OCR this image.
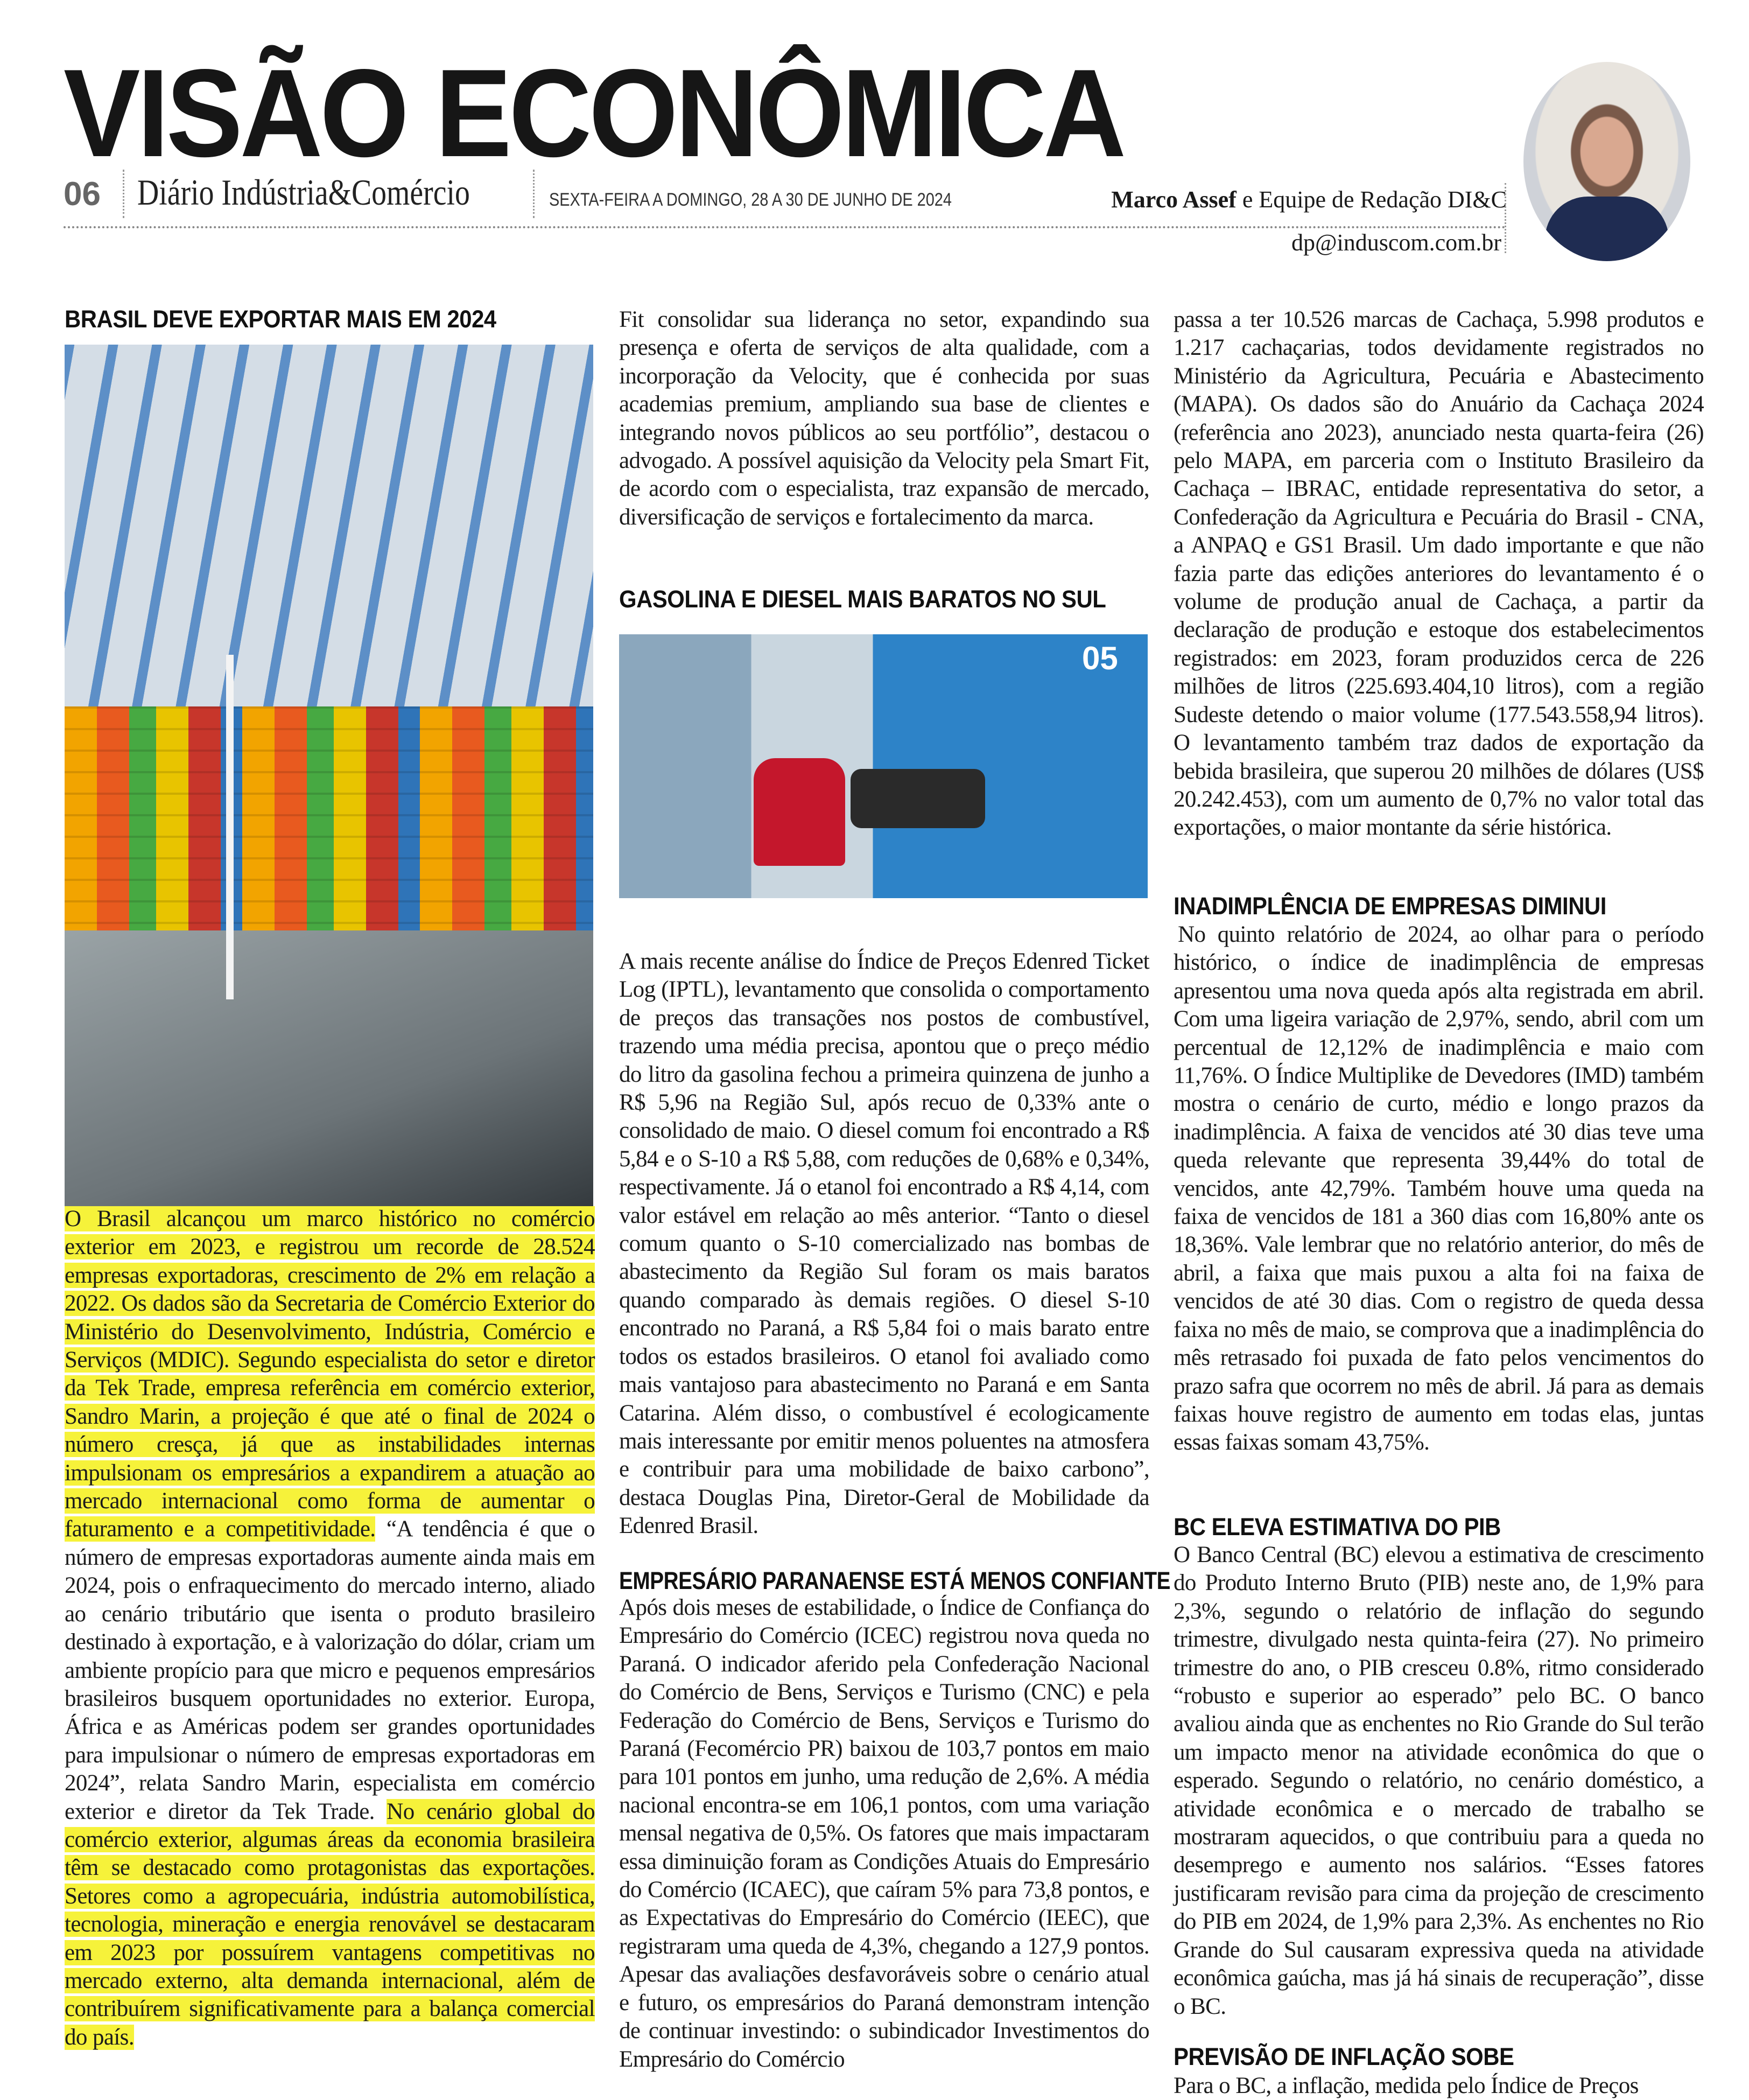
VISÃO ECONÔMICA
06 Diário Indústria&Comércio	SEXTA-FEIRA A DOMINGO, 28 A 30 DE JUNHO DE 2024	Marco Assef e Equipe de Redação DI&C
dp@induscom.com.br
BRASIL DEVE EXPORTAR MAIS EM 2024
O Brasil alcançou um marco histórico no comércio exterior em 2023, e registrou um recorde de 28.524 empresas exportadoras, crescimento de 2% em relação a 2022. Os dados são da Secretaria de Comércio Exterior do Ministério do Desenvolvimento, Indústria, Comércio e Serviços (MDIC). Segundo especialista do setor e diretor da Tek Trade, empresa referência em comércio exterior, Sandro Marin, a projeção é que até o final de 2024 o número cresça, já que as instabilidades internas impulsionam os empresários a expandirem a atuação ao mercado internacional como forma de aumentar o faturamento e a competitividade. “A tendência é que o número de empresas exportadoras aumente ainda mais em 2024, pois o enfraquecimento do mercado interno, aliado ao cenário tributário que isenta o produto brasileiro destinado à exportação, e à valorização do dólar, criam um ambiente propício para que micro e pequenos empresários brasileiros busquem oportunidades no exterior. Europa, África e as Américas podem ser grandes oportunidades para impulsionar o número de empresas exportadoras em 2024”, relata Sandro Marin, especialista em comércio exterior e diretor da Tek Trade. No cenário global do comércio exterior, algumas áreas da economia brasileira têm se destacado como protagonistas das exportações. Setores como a agropecuária, indústria automobilística, tecnologia, mineração e energia renovável se destacaram em 2023 por possuírem vantagens competitivas no mercado externo, alta demanda internacional, além de contribuírem significativamente para a balança comercial do país.
Fit consolidar sua liderança no setor, expandindo sua presença e oferta de serviços de alta qualidade, com a incorporação da Velocity, que é conhecida por suas academias premium, ampliando sua base de clientes e integrando novos públicos ao seu portfólio”, destacou o advogado. A possível aquisição da Velocity pela Smart Fit, de acordo com o especialista, traz expansão de mercado, diversificação de serviços e fortalecimento da marca.
GASOLINA E DIESEL MAIS BARATOS NO SUL
05
A mais recente análise do Índice de Preços Edenred Ticket Log (IPTL), levantamento que consolida o comportamento de preços das transações nos postos de combustível, trazendo uma média precisa, apontou que o preço médio do litro da gasolina fechou a primeira quinzena de junho a R$ 5,96 na Região Sul, após recuo de 0,33% ante o consolidado de maio. O diesel comum foi encontrado a R$ 5,84 e o S-10 a R$ 5,88, com reduções de 0,68% e 0,34%, respectivamente. Já o etanol foi encontrado a R$ 4,14, com valor estável em relação ao mês anterior. “Tanto o diesel comum quanto o S-10 comercializado nas bombas de abastecimento da Região Sul foram os mais baratos quando comparado às demais regiões. O diesel S-10 encontrado no Paraná, a R$ 5,84 foi o mais barato entre todos os estados brasileiros. O etanol foi avaliado como mais vantajoso para abastecimento no Paraná e em Santa Catarina. Além disso, o combustível é ecologicamente mais interessante por emitir menos poluentes na atmosfera e contribuir para uma mobilidade de baixo carbono”, destaca Douglas Pina, Diretor-Geral de Mobilidade da Edenred Brasil.
EMPRESÁRIO PARANAENSE ESTÁ MENOS CONFIANTE
Após dois meses de estabilidade, o Índice de Confiança do Empresário do Comércio (ICEC) registrou nova queda no Paraná. O indicador aferido pela Confederação Nacional do Comércio de Bens, Serviços e Turismo (CNC) e pela Federação do Comércio de Bens, Serviços e Turismo do Paraná (Fecomércio PR) baixou de 103,7 pontos em maio para 101 pontos em junho, uma redução de 2,6%. A média nacional encontra-se em 106,1 pontos, com uma variação mensal negativa de 0,5%. Os fatores que mais impactaram essa diminuição foram as Condições Atuais do Empresário do Comércio (ICAEC), que caíram 5% para 73,8 pontos, e as Expectativas do Empresário do Comércio (IEEC), que registraram uma queda de 4,3%, chegando a 127,9 pontos. Apesar das avaliações desfavoráveis sobre o cenário atual e futuro, os empresários do Paraná demonstram intenção de continuar investindo: o subindicador Investimentos do Empresário do Comércio
passa a ter 10.526 marcas de Cachaça, 5.998 produtos e 1.217 cachaçarias, todos devidamente registrados no Ministério da Agricultura, Pecuária e Abastecimento (MAPA). Os dados são do Anuário da Cachaça 2024 (referência ano 2023), anunciado nesta quarta-feira (26) pelo MAPA, em parceria com o Instituto Brasileiro da Cachaça – IBRAC, entidade representativa do setor, a Confederação da Agricultura e Pecuária do Brasil - CNA, a ANPAQ e GS1 Brasil. Um dado importante e que não fazia parte das edições anteriores do levantamento é o volume de produção anual de Cachaça, a partir da declaração de produção e estoque dos estabelecimentos registrados: em 2023, foram produzidos cerca de 226 milhões de litros (225.693.404,10 litros), com a região Sudeste detendo o maior volume (177.543.558,94 litros). O levantamento também traz dados de exportação da bebida brasileira, que superou 20 milhões de dólares (US$ 20.242.453), com um aumento de 0,7% no valor total das exportações, o maior montante da série histórica.
INADIMPLÊNCIA DE EMPRESAS DIMINUI
No quinto relatório de 2024, ao olhar para o período histórico, o índice de inadimplência de empresas apresentou uma nova queda após alta registrada em abril. Com uma ligeira variação de 2,97%, sendo, abril com um percentual de 12,12% de inadimplência e maio com 11,76%. O Índice Multiplike de Devedores (IMD) também mostra o cenário de curto, médio e longo prazos da inadimplência. A faixa de vencidos até 30 dias teve uma queda relevante que representa 39,44% do total de vencidos, ante 42,79%. Também houve uma queda na faixa de vencidos de 181 a 360 dias com 16,80% ante os 18,36%. Vale lembrar que no relatório anterior, do mês de abril, a faixa que mais puxou a alta foi na faixa de vencidos de até 30 dias. Com o registro de queda dessa faixa no mês de maio, se comprova que a inadimplência do mês retrasado foi puxada de fato pelos vencimentos do prazo safra que ocorrem no mês de abril. Já para as demais faixas houve registro de aumento em todas elas, juntas essas faixas somam 43,75%.
BC ELEVA ESTIMATIVA DO PIB
O Banco Central (BC) elevou a estimativa de crescimento do Produto Interno Bruto (PIB) neste ano, de 1,9% para 2,3%, segundo o relatório de inflação do segundo trimestre, divulgado nesta quinta-feira (27). No primeiro trimestre do ano, o PIB cresceu 0.8%, ritmo considerado “robusto e superior ao esperado” pelo BC. O banco avaliou ainda que as enchentes no Rio Grande do Sul terão um impacto menor na atividade econômica do que o esperado. Segundo o relatório, no cenário doméstico, a atividade econômica e o mercado de trabalho se mostraram aquecidos, o que contribuiu para a queda no desemprego e aumento nos salários. “Esses fatores justificaram revisão para cima da projeção de crescimento do PIB em 2024, de 1,9% para 2,3%. As enchentes no Rio Grande do Sul causaram expressiva queda na atividade econômica gaúcha, mas já há sinais de recuperação”, disse o BC.
PREVISÃO DE INFLAÇÃO SOBE
Para o BC, a inflação, medida pelo Índice de Preços
